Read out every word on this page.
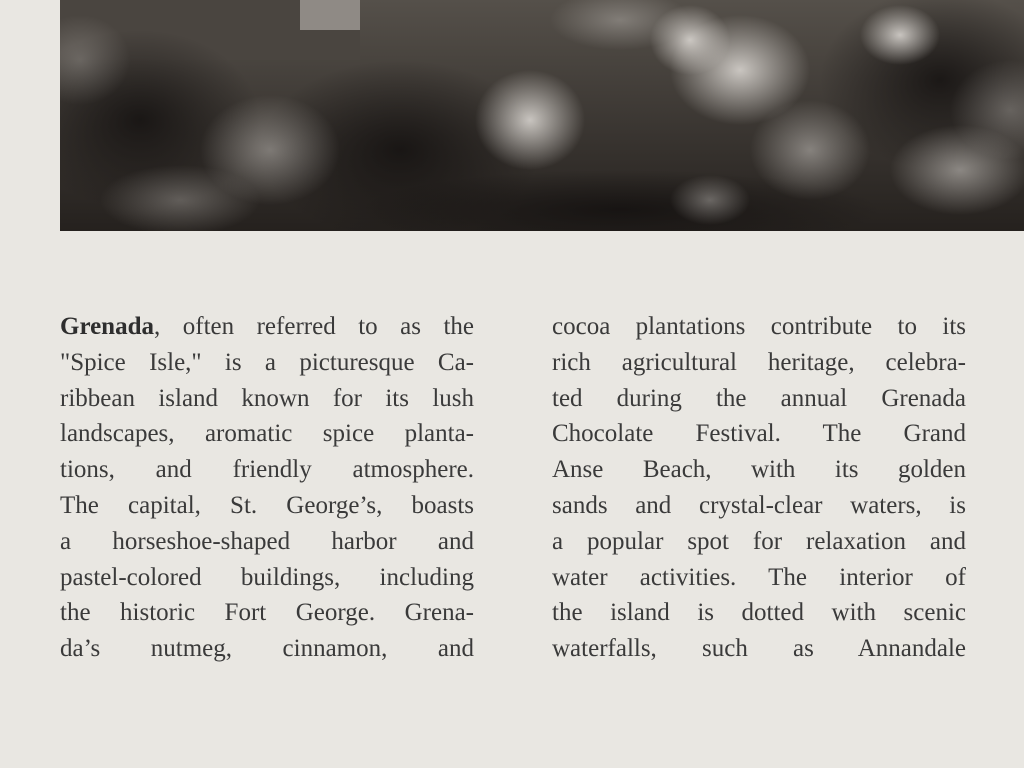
Grenada, often referred to as the
"Spice Isle," is a picturesque Ca-
ribbean island known for its lush
landscapes, aromatic spice planta-
tions, and friendly atmosphere.
The capital, St. George’s, boasts
a horseshoe-shaped harbor and
pastel-colored buildings, including
the historic Fort George. Grena-
da’s nutmeg, cinnamon, and
cocoa plantations contribute to its
rich agricultural heritage, celebra-
ted during the annual Grenada
Chocolate Festival. The Grand
Anse Beach, with its golden
sands and crystal-clear waters, is
a popular spot for relaxation and
water activities. The interior of
the island is dotted with scenic
waterfalls, such as Annandale
